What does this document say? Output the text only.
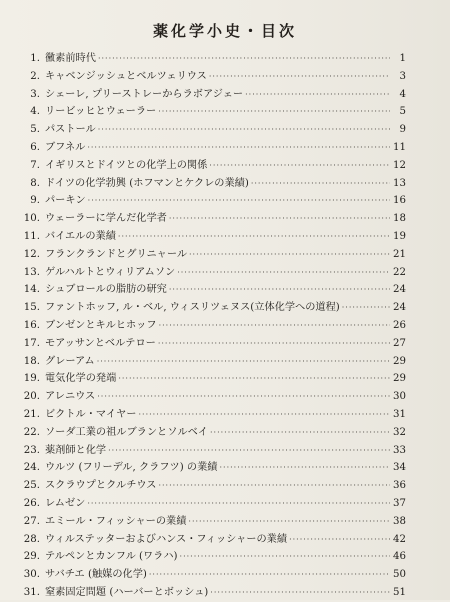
薬化学小史・目次
1. 黴素前時代 ·····	1
2. キャベンジッシュとベルツェリウス ·····	3
3. シェーレ, プリーストレーからラボアジェー ·····	4
4. リービッヒとウェーラー ·····	5
5. パストール ·····	9
6. ブフネル ·····	11
7. イギリスとドイツとの化学上の関係 ·····	12
8. ドイツの化学勃興 (ホフマンとケクレの業績) ·····	13
9. パーキン ·····	16
10. ウェーラーに学んだ化学者 ·····	18
11. バイエルの業績 ·····	19
12. フランクランドとグリニャール ·····	21
13. ゲルハルトとウィリアムソン ·····	22
14. シュブロールの脂肪の研究 ·····	24
15. ファントホッフ, ル・ベル, ウィスリツェヌス(立体化学への道程) ·····	24
16. ブンゼンとキルヒホッフ ·····	26
17. モアッサンとベルテロー ·····	27
18. グレーアム ·····	29
19. 電気化学の発端 ·····	29
20. アレニウス ·····	30
21. ビクトル・マイヤー ·····	31
22. ソーダ工業の祖ルブランとソルベイ ·····	32
23. 薬剤師と化学 ·····	33
24. ウルツ (フリーデル, クラフツ) の業績 ·····	34
25. スクラウプとクルチウス ·····	36
26. レムゼン ·····	37
27. エミール・フィッシャーの業績 ·····	38
28. ウィルステッターおよびハンス・フィッシャーの業績 ·····	42
29. テルペンとカンフル (ワラハ) ·····	46
30. サバチエ (触媒の化学) ·····	50
31. 窒素固定問題 (ハーバーとボッシュ) ·····	51
